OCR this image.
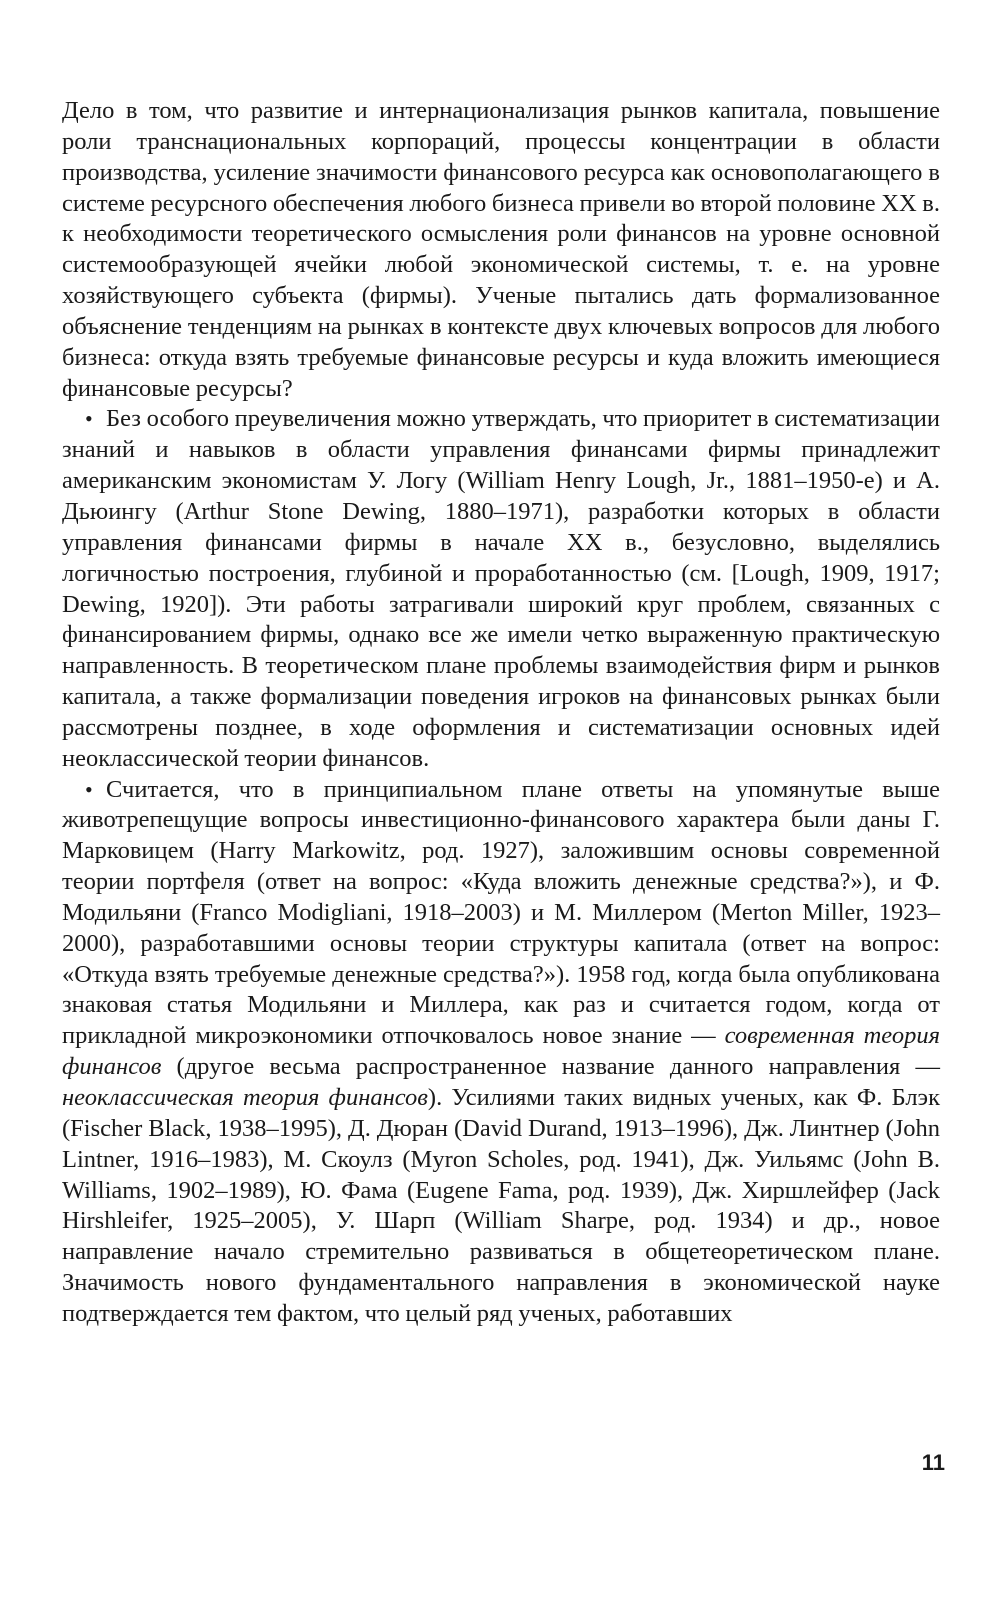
Дело в том, что развитие и интернационализация рынков капитала, повышение роли транснациональных корпораций, процессы концентрации в области производства, усиление значимости финансового ресурса как основополагающего в системе ресурсного обеспечения любого бизнеса привели во второй половине XX в. к необходимости теоретического осмысления роли финансов на уровне основной системообразующей ячейки любой экономической системы, т. е. на уровне хозяйствующего субъекта (фирмы). Ученые пытались дать формализованное объяснение тенденциям на рынках в контексте двух ключевых вопросов для любого бизнеса: откуда взять требуемые финансовые ресурсы и куда вложить имеющиеся финансовые ресурсы?

• Без особого преувеличения можно утверждать, что приоритет в систематизации знаний и навыков в области управления финансами фирмы принадлежит американским экономистам У. Логу (William Henry Lough, Jr., 1881–1950-е) и А. Дьюингу (Arthur Stone Dewing, 1880–1971), разработки которых в области управления финансами фирмы в начале XX в., безусловно, выделялись логичностью построения, глубиной и проработанностью (см. [Lough, 1909, 1917; Dewing, 1920]). Эти работы затрагивали широкий круг проблем, связанных с финансированием фирмы, однако все же имели четко выраженную практическую направленность. В теоретическом плане проблемы взаимодействия фирм и рынков капитала, а также формализации поведения игроков на финансовых рынках были рассмотрены позднее, в ходе оформления и систематизации основных идей неоклассической теории финансов.

• Считается, что в принципиальном плане ответы на упомянутые выше животрепещущие вопросы инвестиционно-финансового характера были даны Г. Марковицем (Harry Markowitz, род. 1927), заложившим основы современной теории портфеля (ответ на вопрос: «Куда вложить денежные средства?»), и Ф. Модильяни (Franco Modigliani, 1918–2003) и М. Миллером (Merton Miller, 1923–2000), разработавшими основы теории структуры капитала (ответ на вопрос: «Откуда взять требуемые денежные средства?»). 1958 год, когда была опубликована знаковая статья Модильяни и Миллера, как раз и считается годом, когда от прикладной микроэкономики отпочковалось новое знание — современная теория финансов (другое весьма распространенное название данного направления — неоклассическая теория финансов). Усилиями таких видных ученых, как Ф. Блэк (Fischer Black, 1938–1995), Д. Дюран (David Durand, 1913–1996), Дж. Линтнер (John Lintner, 1916–1983), М. Скоулз (Myron Scholes, род. 1941), Дж. Уильямс (John B. Williams, 1902–1989), Ю. Фама (Eugene Fama, род. 1939), Дж. Хиршлейфер (Jack Hirshleifer, 1925–2005), У. Шарп (William Sharpe, род. 1934) и др., новое направление начало стремительно развиваться в общетеоретическом плане. Значимость нового фундаментального направления в экономической науке подтверждается тем фактом, что целый ряд ученых, работавших

11
